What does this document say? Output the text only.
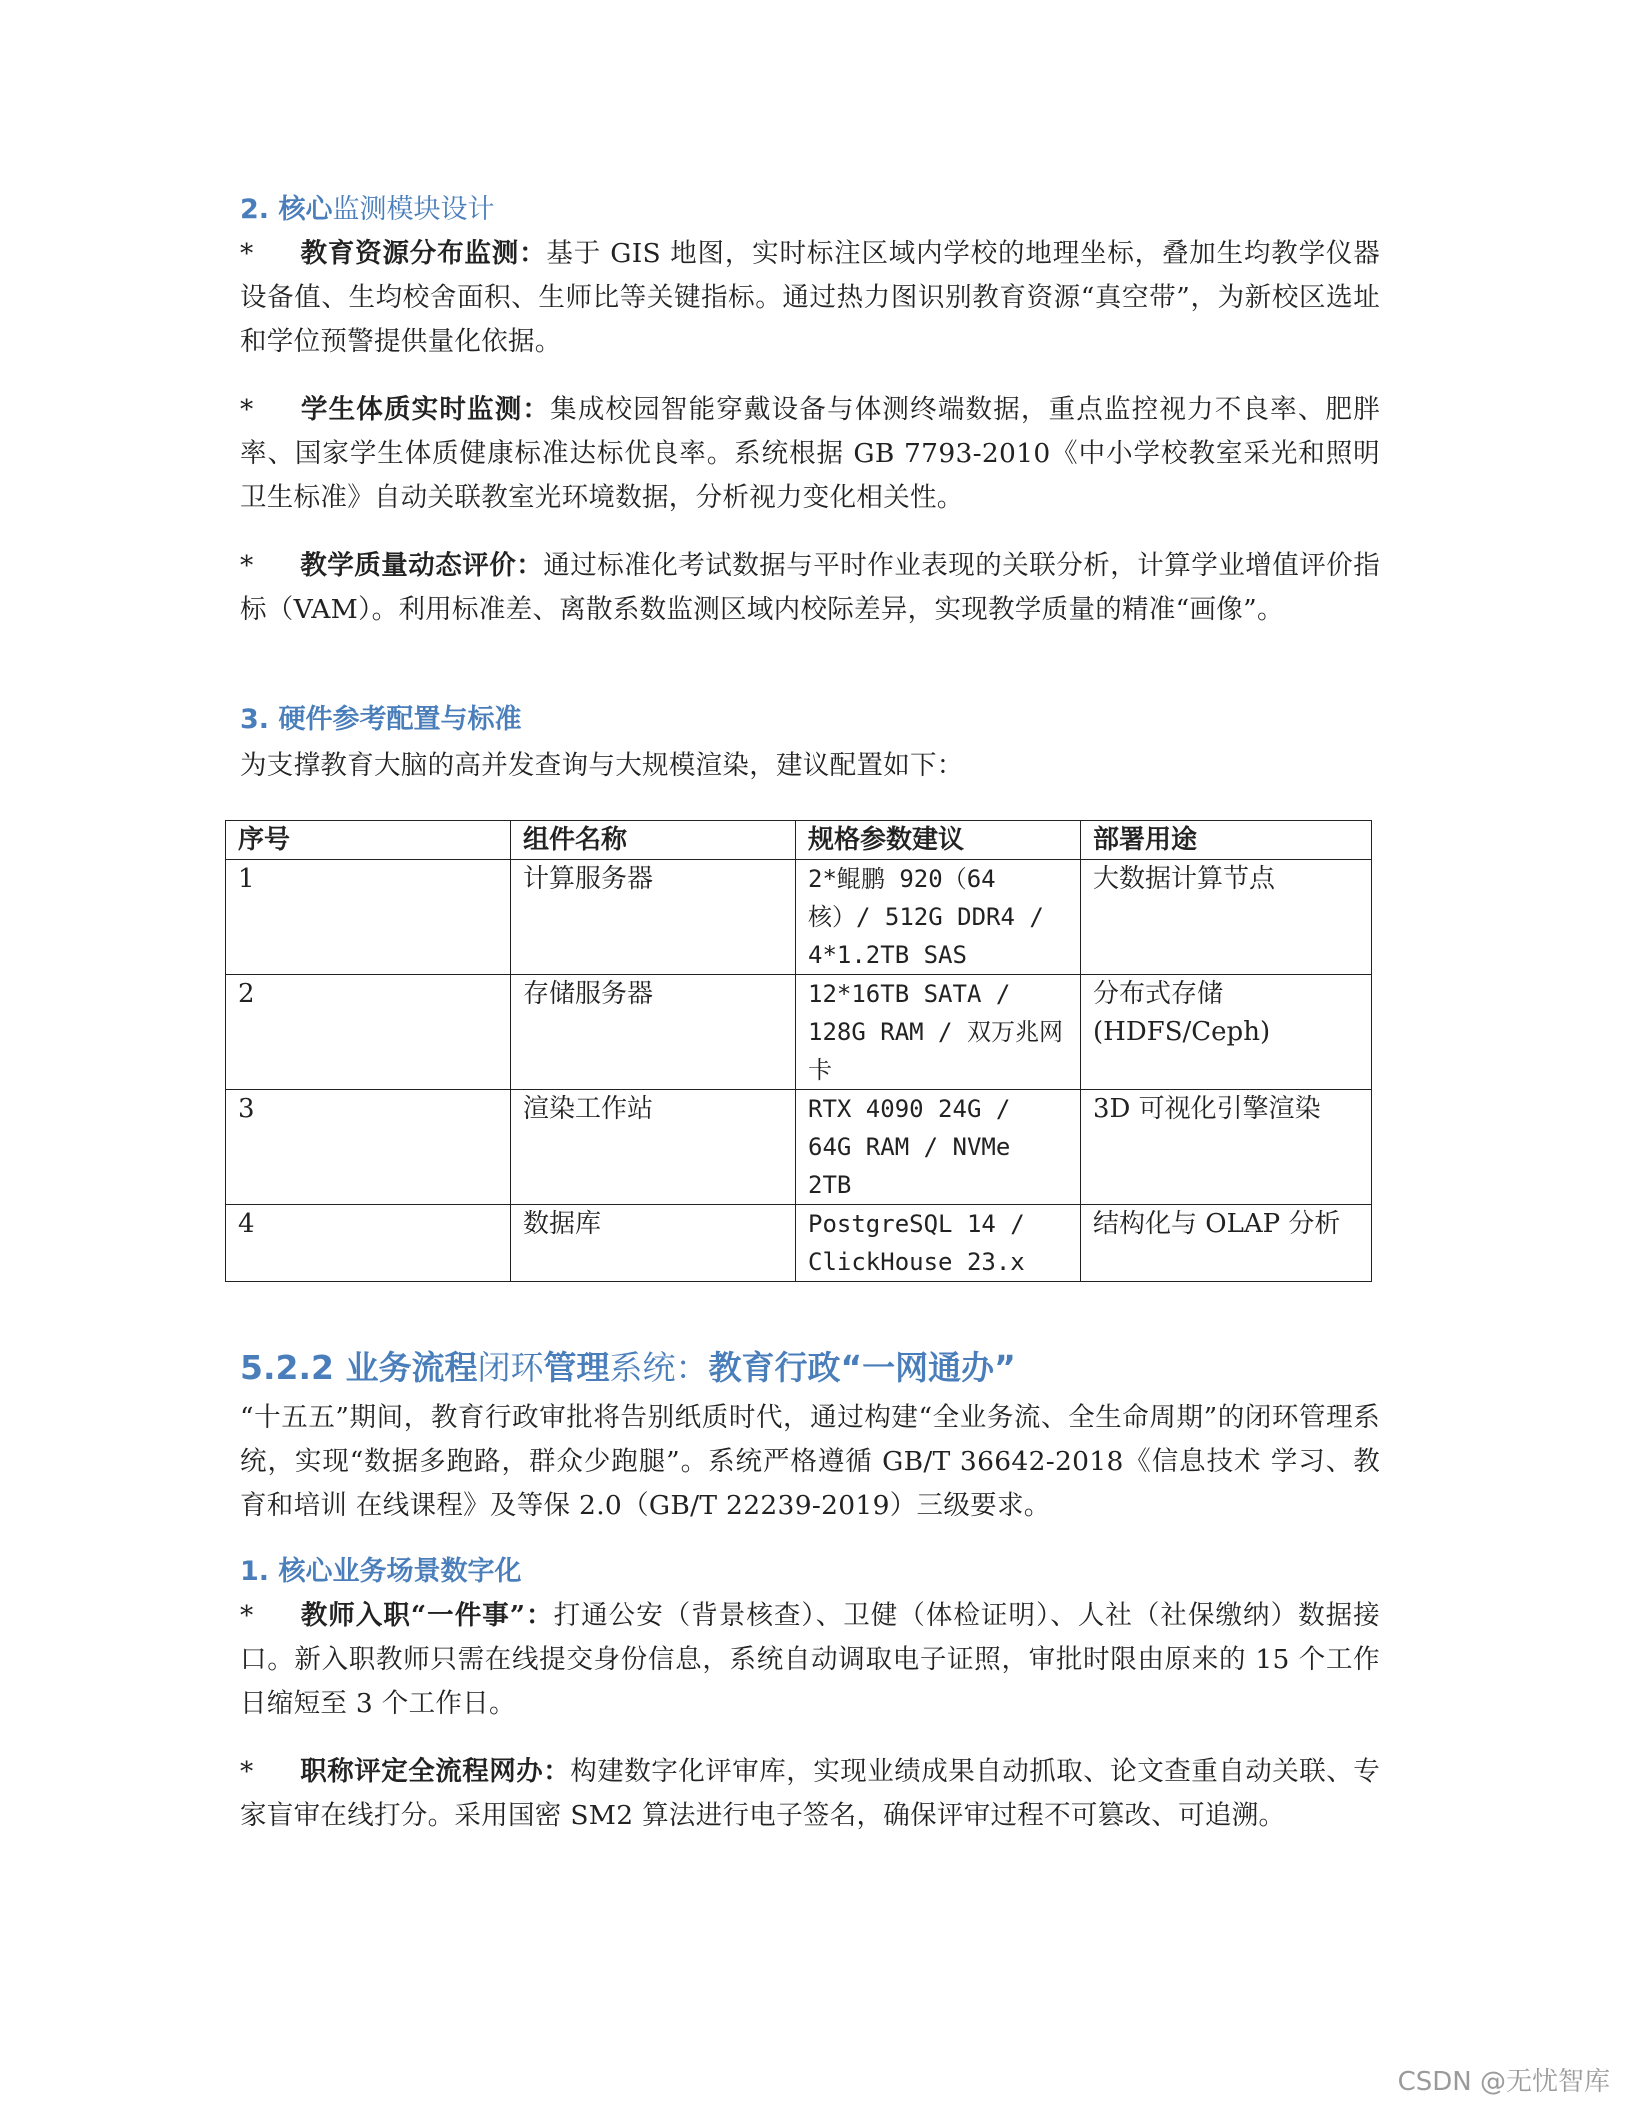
2. 核心监测模块设计
* 教育资源分布监测：基于 GIS 地图，实时标注区域内学校的地理坐标，叠加生均教学仪器设备值、生均校舍面积、生师比等关键指标。通过热力图识别教育资源“真空带”，为新校区选址和学位预警提供量化依据。
* 学生体质实时监测：集成校园智能穿戴设备与体测终端数据，重点监控视力不良率、肥胖率、国家学生体质健康标准达标优良率。系统根据 GB 7793-2010《中小学校教室采光和照明卫生标准》自动关联教室光环境数据，分析视力变化相关性。
* 教学质量动态评价：通过标准化考试数据与平时作业表现的关联分析，计算学业增值评价指标（VAM）。利用标准差、离散系数监测区域内校际差异，实现教学质量的精准“画像”。
3. 硬件参考配置与标准
为支撑教育大脑的高并发查询与大规模渲染，建议配置如下：
序号	组件名称	规格参数建议	部署用途
1	计算服务器	2*鲲鹏 920（64 核）/ 512G DDR4 / 4*1.2TB SAS	大数据计算节点
2	存储服务器	12*16TB SATA / 128G RAM / 双万兆网卡	分布式存储(HDFS/Ceph)
3	渲染工作站	RTX 4090 24G / 64G RAM / NVMe 2TB	3D 可视化引擎渲染
4	数据库	PostgreSQL 14 / ClickHouse 23.x	结构化与 OLAP 分析
5.2.2 业务流程闭环管理系统：教育行政“一网通办”
“十五五”期间，教育行政审批将告别纸质时代，通过构建“全业务流、全生命周期”的闭环管理系统，实现“数据多跑路，群众少跑腿”。系统严格遵循 GB/T 36642-2018《信息技术 学习、教育和培训 在线课程》及等保 2.0（GB/T 22239-2019）三级要求。
1. 核心业务场景数字化
* 教师入职“一件事”：打通公安（背景核查）、卫健（体检证明）、人社（社保缴纳）数据接口。新入职教师只需在线提交身份信息，系统自动调取电子证照，审批时限由原来的 15 个工作日缩短至 3 个工作日。
* 职称评定全流程网办：构建数字化评审库，实现业绩成果自动抓取、论文查重自动关联、专家盲审在线打分。采用国密 SM2 算法进行电子签名，确保评审过程不可篡改、可追溯。
CSDN @无忧智库
